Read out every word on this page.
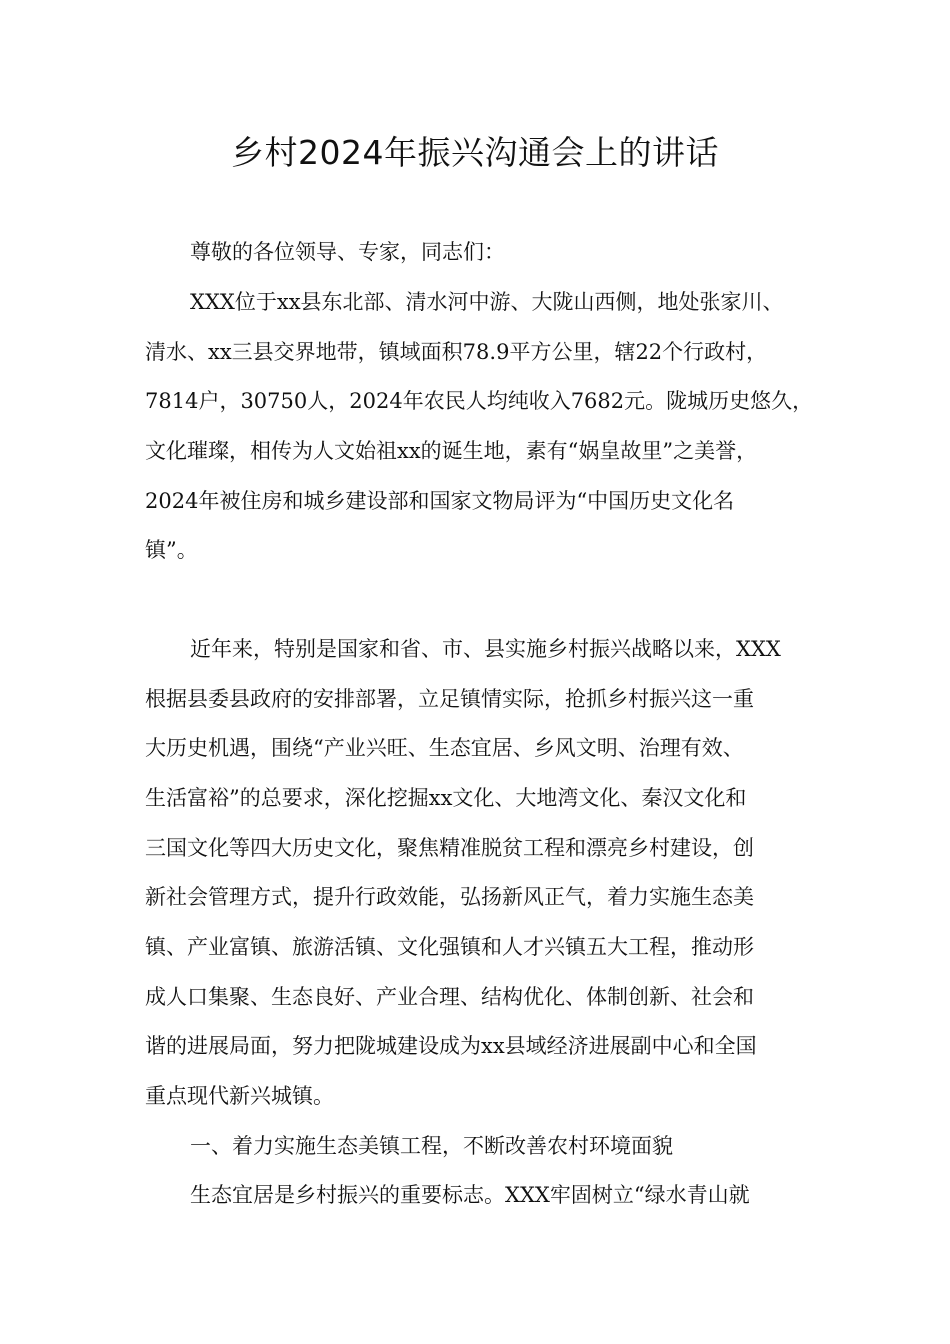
乡村2024年振兴沟通会上的讲话
尊敬的各位领导、专家，同志们：
XXX位于xx县东北部、清水河中游、大陇山西侧，地处张家川、
清水、xx三县交界地带，镇域面积78.9平方公里，辖22个行政村，
7814户，30750人，2024年农民人均纯收入7682元。陇城历史悠久，
文化璀璨，相传为人文始祖xx的诞生地，素有“娲皇故里”之美誉，
2024年被住房和城乡建设部和国家文物局评为“中国历史文化名
镇”。
近年来，特别是国家和省、市、县实施乡村振兴战略以来，XXX
根据县委县政府的安排部署，立足镇情实际，抢抓乡村振兴这一重
大历史机遇，围绕“产业兴旺、生态宜居、乡风文明、治理有效、
生活富裕”的总要求，深化挖掘xx文化、大地湾文化、秦汉文化和
三国文化等四大历史文化，聚焦精准脱贫工程和漂亮乡村建设，创
新社会管理方式，提升行政效能，弘扬新风正气，着力实施生态美
镇、产业富镇、旅游活镇、文化强镇和人才兴镇五大工程，推动形
成人口集聚、生态良好、产业合理、结构优化、体制创新、社会和
谐的进展局面，努力把陇城建设成为xx县域经济进展副中心和全国
重点现代新兴城镇。
一、着力实施生态美镇工程，不断改善农村环境面貌
生态宜居是乡村振兴的重要标志。XXX牢固树立“绿水青山就
